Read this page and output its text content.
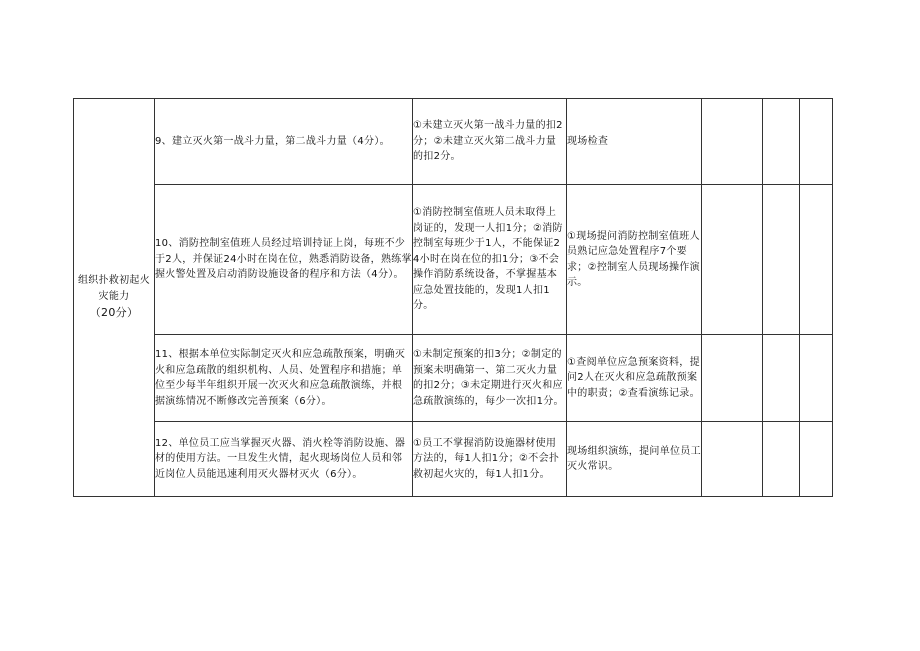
组织扑救初起火灾能力
（20分）	9、建立灭火第一战斗力量，第二战斗力量（4分）。	①未建立灭火第一战斗力量的扣2分；②未建立灭火第二战斗力量的扣2分。	现场检查			

	10、消防控制室值班人员经过培训持证上岗，每班不少于2人，并保证24小时在岗在位，熟悉消防设备，熟练掌握火警处置及启动消防设施设备的程序和方法（4分）。	①消防控制室值班人员未取得上岗证的，发现一人扣1分；②消防控制室每班少于1人，不能保证24小时在岗在位的扣1分；③不会操作消防系统设备，不掌握基本应急处置技能的，发现1人扣1分。	①现场提问消防控制室值班人员熟记应急处置程序7个要求；②控制室人员现场操作演示。			

	11、根据本单位实际制定灭火和应急疏散预案，明确灭火和应急疏散的组织机构、人员、处置程序和措施；单位至少每半年组织开展一次灭火和应急疏散演练，并根据演练情况不断修改完善预案（6分）。	①未制定预案的扣3分；②制定的预案未明确第一、第二灭火力量的扣2分；③未定期进行灭火和应急疏散演练的，每少一次扣1分。	①查阅单位应急预案资料，提问2人在灭火和应急疏散预案中的职责；②查看演练记录。			

	12、单位员工应当掌握灭火器、消火栓等消防设施、器材的使用方法。一旦发生火情，起火现场岗位人员和邻近岗位人员能迅速利用灭火器材灭火（6分）。	①员工不掌握消防设施器材使用方法的，每1人扣1分；②不会扑救初起火灾的，每1人扣1分。	现场组织演练，提问单位员工灭火常识。			
